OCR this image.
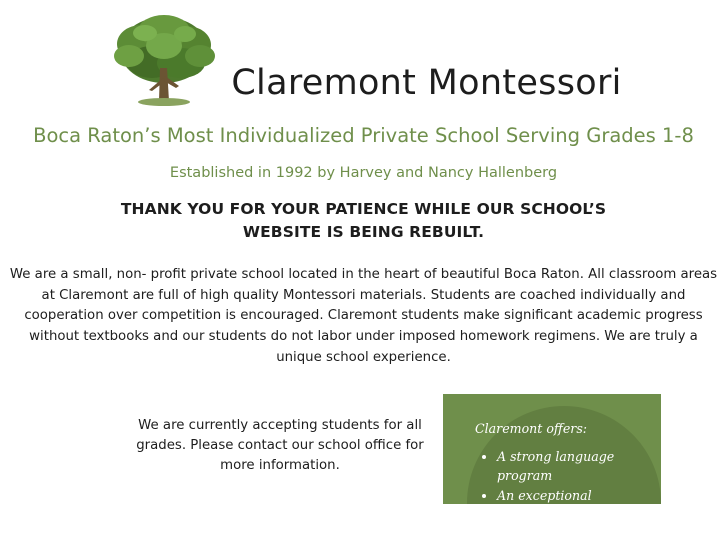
Claremont Montessori
Boca Raton’s Most Individualized Private School Serving Grades 1-8
Established in 1992 by Harvey and Nancy Hallenberg
THANK YOU FOR YOUR PATIENCE WHILE OUR SCHOOL’S WEBSITE IS BEING REBUILT.
We are a small, non- profit private school located in the heart of beautiful Boca Raton. All classroom areas at Claremont are full of high quality Montessori materials. Students are coached individually and cooperation over competition is encouraged. Claremont students make significant academic progress without textbooks and our students do not labor under imposed homework regimens. We are truly a unique school experience.
We are currently accepting students for all grades. Please contact our school office for more information.
Claremont offers:
• A strong language program
• An exceptional
